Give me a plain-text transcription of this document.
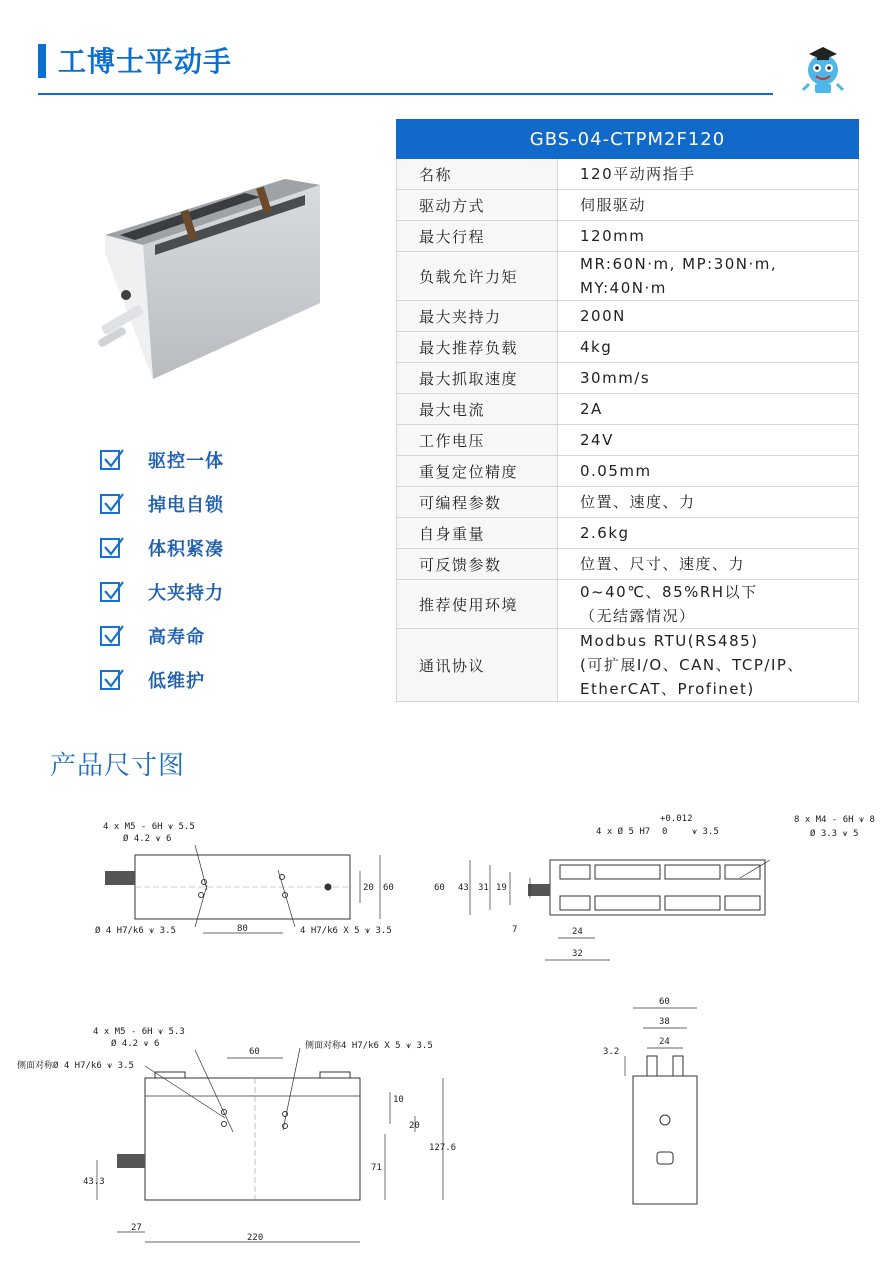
工博士平动手
GBS-04-CTPM2F120	
名称	120平动两指手
驱动方式	伺服驱动
最大行程	120mm
负载允许力矩	MR:60N·m, MP:30N·m,
MY:40N·m
最大夹持力	200N
最大推荐负载	4kg
最大抓取速度	30mm/s
最大电流	2A
工作电压	24V
重复定位精度	0.05mm
可编程参数	位置、速度、力
自身重量	2.6kg
可反馈参数	位置、尺寸、速度、力
推荐使用环境	0~40℃、85%RH以下
（无结露情况）
通讯协议	Modbus RTU(RS485)
(可扩展I/O、CAN、TCP/IP、
EtherCAT、Profinet)
驱控一体
掉电自锁
体积紧凑
大夹持力
高寿命
低维护
产品尺寸图
4 x M5 - 6H ⩛ 5.5
Ø 4.2 ⩛ 6
Ø 4 H7/k6 ⩛ 3.5	4 H7/k6 X 5 ⩛ 3.5
80
20 60
+0.012
4 x Ø 5 H7 0	⩛ 3.5
8 x M4 - 6H ⩛ 8
Ø 3.3 ⩛ 5
60 43 31 19
7	24
32
4 x M5 - 6H ⩛ 5.3
Ø 4.2 ⩛ 6
侧面对称Ø 4 H7/k6 ⩛ 3.5
侧面对称4 H7/k6 X 5 ⩛ 3.5
60
10
20
127.6
71
43.3
27
220
60
38
24
3.2
